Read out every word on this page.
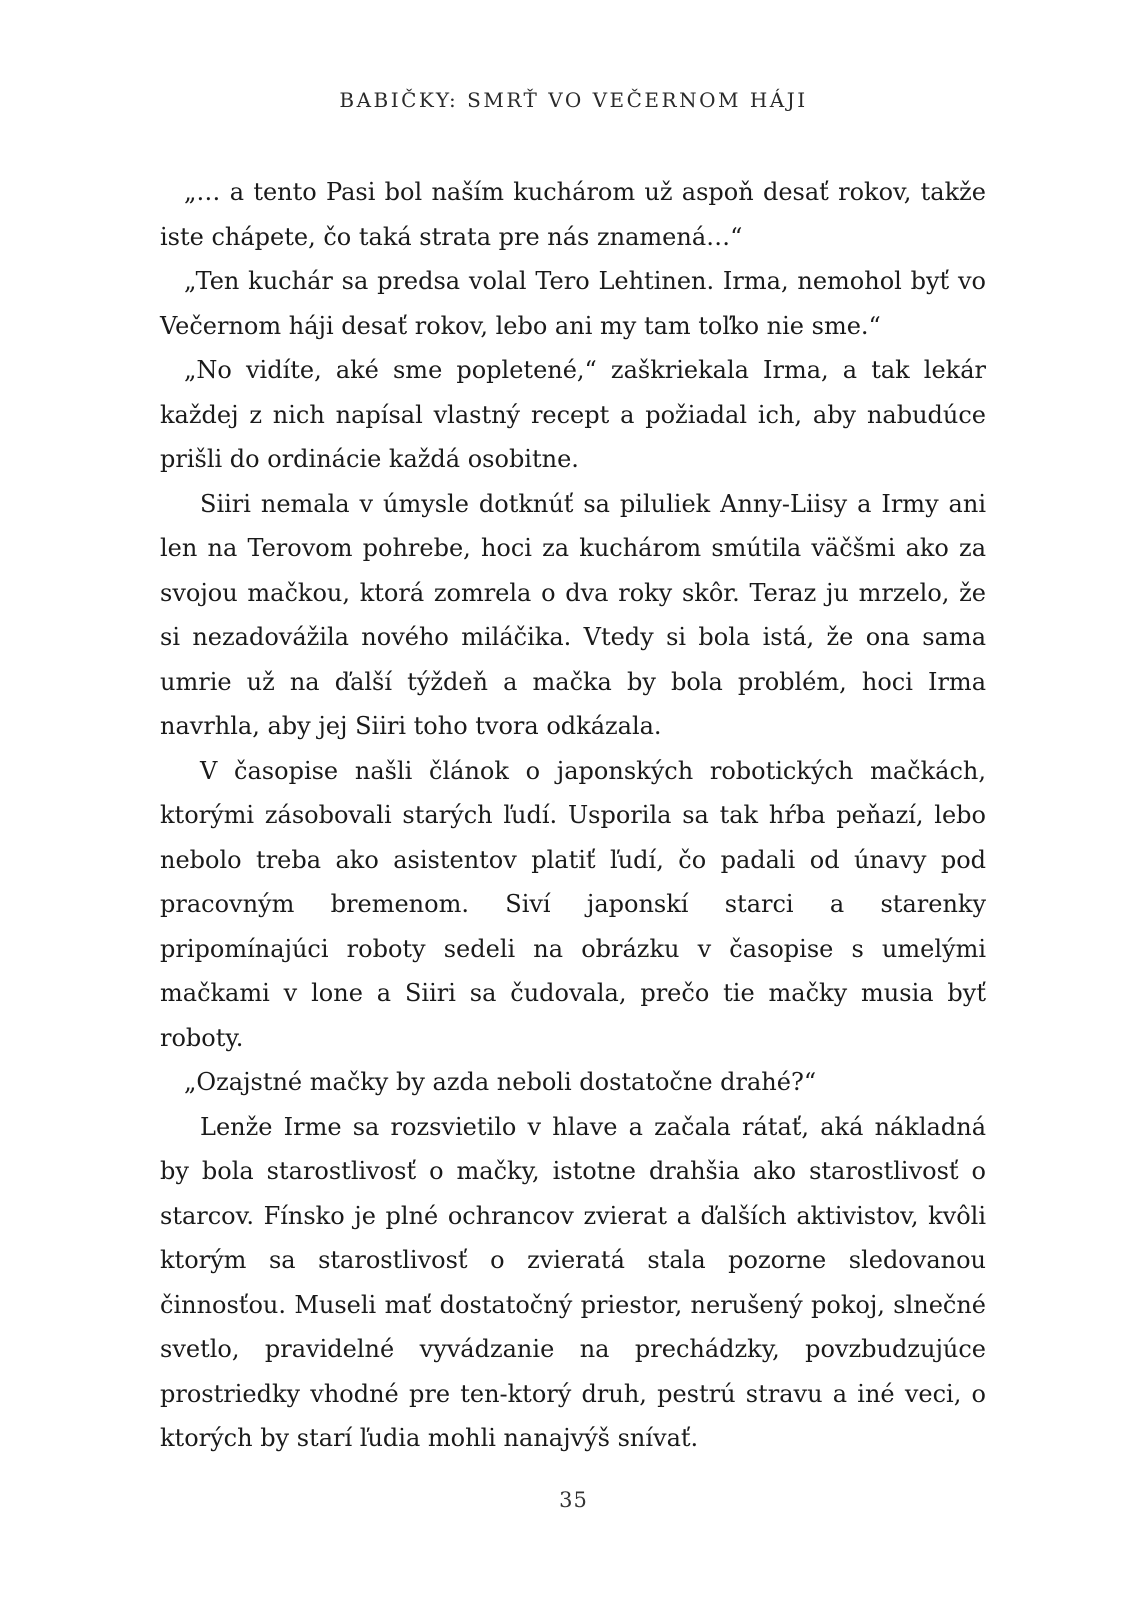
BABIČKY: SMRŤ VO VEČERNOM HÁJI

„… a tento Pasi bol naším kuchárom už aspoň desať rokov, takže iste chápete, čo taká strata pre nás znamená…“

„Ten kuchár sa predsa volal Tero Lehtinen. Irma, nemohol byť vo Večernom háji desať rokov, lebo ani my tam toľko nie sme.“

„No vidíte, aké sme popletené,“ zaškriekala Irma, a tak lekár každej z nich napísal vlastný recept a požiadal ich, aby nabudúce prišli do ordinácie každá osobitne.

Siiri nemala v úmysle dotknúť sa piluliek Anny-Liisy a Irmy ani len na Terovom pohrebe, hoci za kuchárom smútila väčšmi ako za svojou mačkou, ktorá zomrela o dva roky skôr. Teraz ju mrzelo, že si nezadovážila nového miláčika. Vtedy si bola istá, že ona sama umrie už na ďalší týždeň a mačka by bola problém, hoci Irma navrhla, aby jej Siiri toho tvora odkázala.

V časopise našli článok o japonských robotických mačkách, ktorými zásobovali starých ľudí. Usporila sa tak hŕba peňazí, lebo nebolo treba ako asistentov platiť ľudí, čo padali od únavy pod pracovným bremenom. Siví japonskí starci a starenky pripomínajúci roboty sedeli na obrázku v časopise s umelými mačkami v lone a Siiri sa čudovala, prečo tie mačky musia byť roboty.

„Ozajstné mačky by azda neboli dostatočne drahé?“

Lenže Irme sa rozsvietilo v hlave a začala rátať, aká nákladná by bola starostlivosť o mačky, istotne drahšia ako starostlivosť o starcov. Fínsko je plné ochrancov zvierat a ďalších aktivistov, kvôli ktorým sa starostlivosť o zvieratá stala pozorne sledovanou činnosťou. Museli mať dostatočný priestor, nerušený pokoj, slnečné svetlo, pravidelné vyvádzanie na prechádzky, povzbudzujúce prostriedky vhodné pre ten-ktorý druh, pestrú stravu a iné veci, o ktorých by starí ľudia mohli nanajvýš snívať.

35
